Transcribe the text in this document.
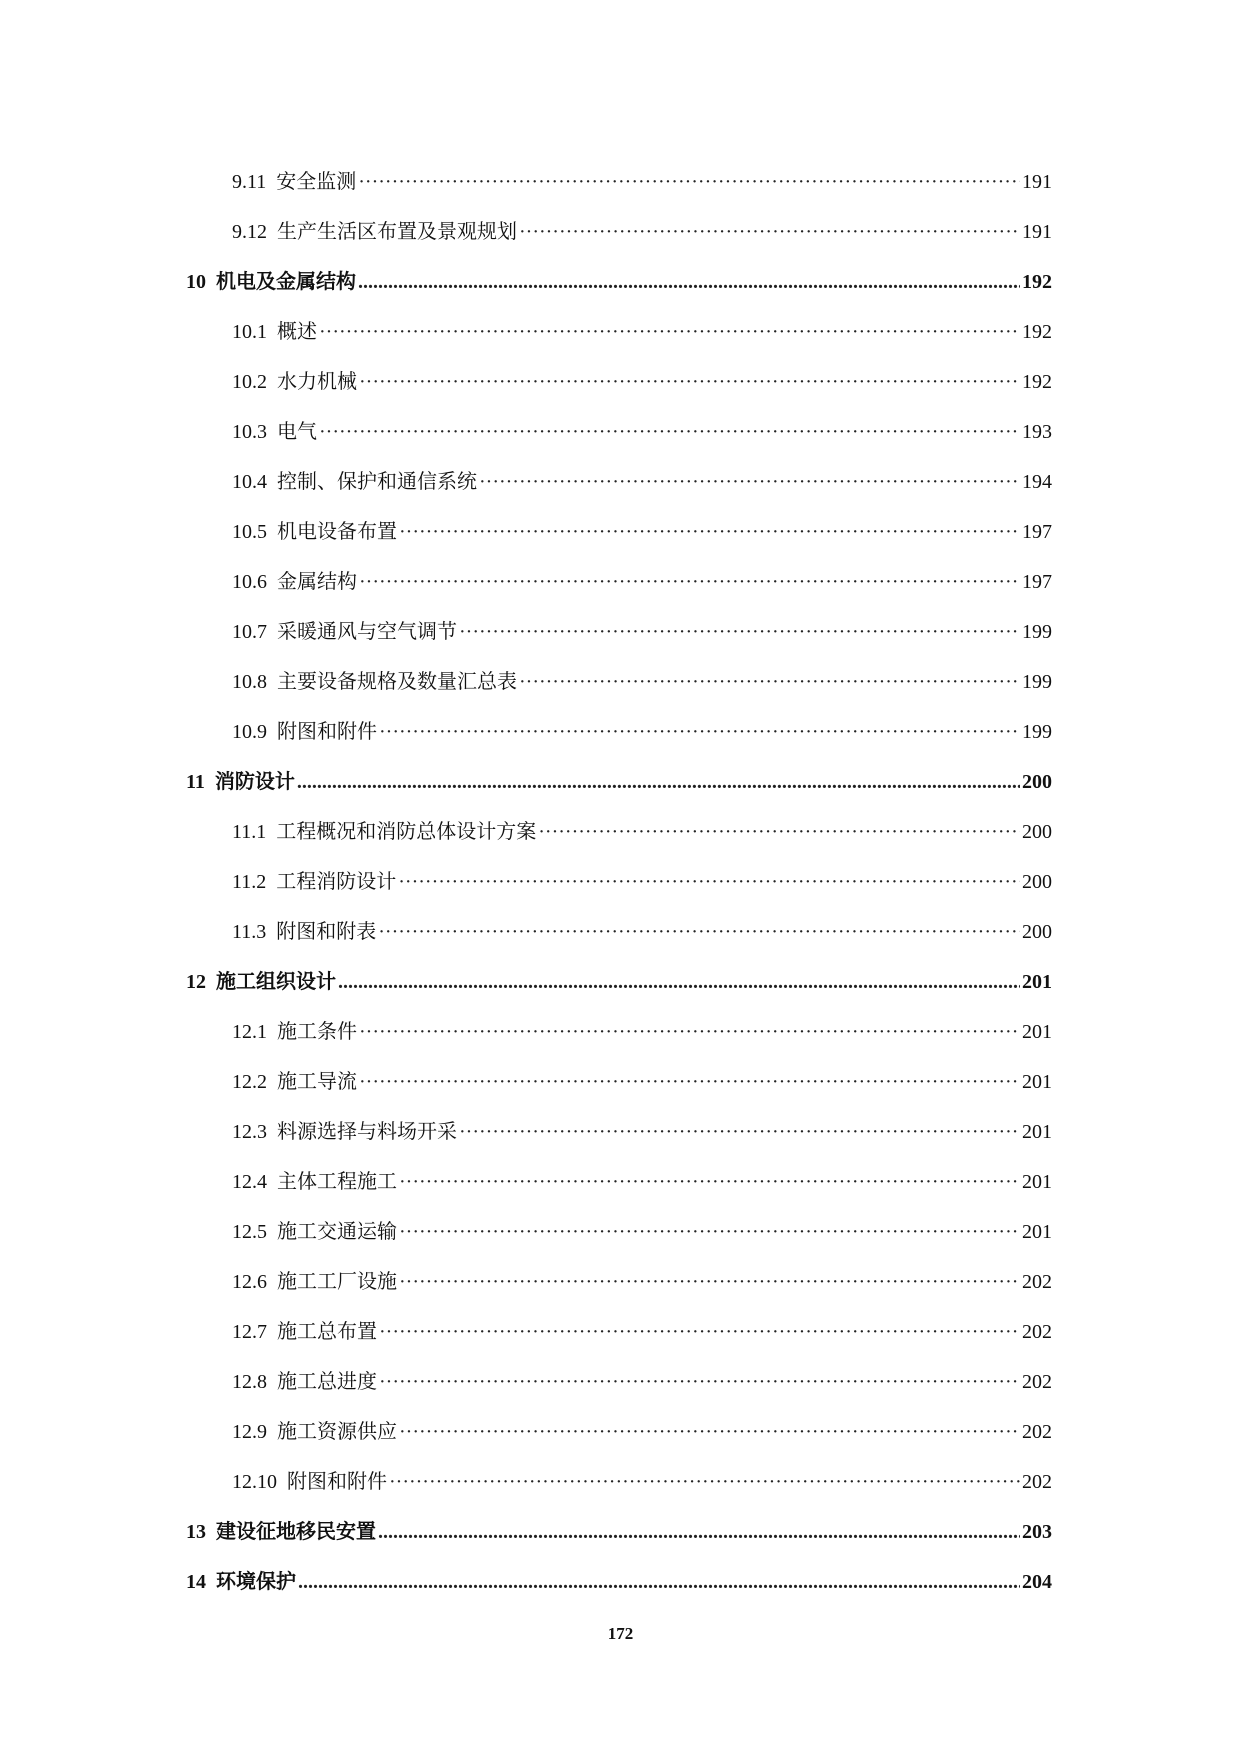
9.11 安全监测 ·····	191
9.12 生产生活区布置及景观规划 ·····	191
10 机电及金属结构 .....	192
10.1 概述 ·····	192
10.2 水力机械 ·····	192
10.3 电气 ·····	193
10.4 控制、保护和通信系统 ·····	194
10.5 机电设备布置 ·····	197
10.6 金属结构 ·····	197
10.7 采暖通风与空气调节 ·····	199
10.8 主要设备规格及数量汇总表 ·····	199
10.9 附图和附件 ·····	199
11 消防设计 .....	200
11.1 工程概况和消防总体设计方案 ·····	200
11.2 工程消防设计 ·····	200
11.3 附图和附表 ·····	200
12 施工组织设计 .....	201
12.1 施工条件 ·····	201
12.2 施工导流 ·····	201
12.3 料源选择与料场开采 ·····	201
12.4 主体工程施工 ·····	201
12.5 施工交通运输 ·····	201
12.6 施工工厂设施 ·····	202
12.7 施工总布置 ·····	202
12.8 施工总进度 ·····	202
12.9 施工资源供应 ·····	202
12.10 附图和附件 ·····	202
13 建设征地移民安置 .....	203
14 环境保护 .....	204
172
